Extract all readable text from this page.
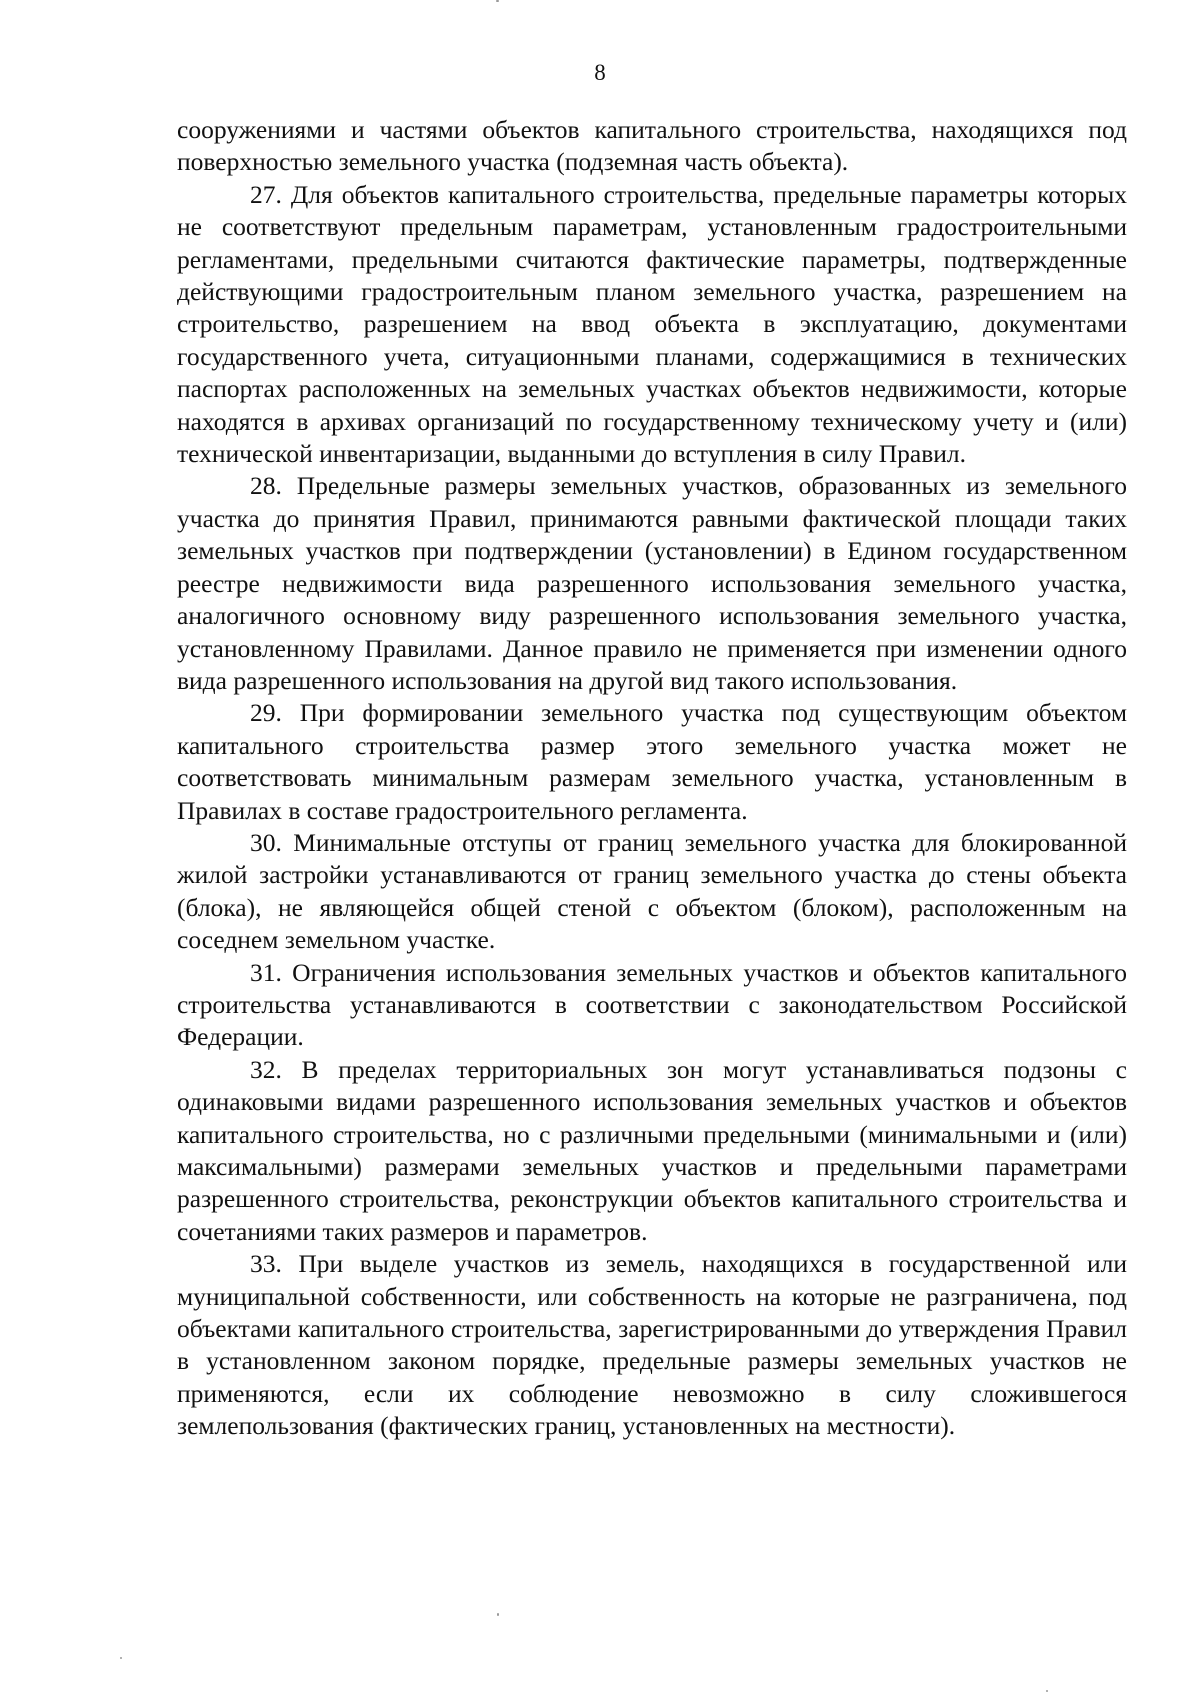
8

сооружениями и частями объектов капитального строительства, находящихся под поверхностью земельного участка (подземная часть объекта).

27. Для объектов капитального строительства, предельные параметры которых не соответствуют предельным параметрам, установленным градостроительными регламентами, предельными считаются фактические параметры, подтвержденные действующими градостроительным планом земельного участка, разрешением на строительство, разрешением на ввод объекта в эксплуатацию, документами государственного учета, ситуационными планами, содержащимися в технических паспортах расположенных на земельных участках объектов недвижимости, которые находятся в архивах организаций по государственному техническому учету и (или) технической инвентаризации, выданными до вступления в силу Правил.

28. Предельные размеры земельных участков, образованных из земельного участка до принятия Правил, принимаются равными фактической площади таких земельных участков при подтверждении (установлении) в Едином государственном реестре недвижимости вида разрешенного использования земельного участка, аналогичного основному виду разрешенного использования земельного участка, установленному Правилами. Данное правило не применяется при изменении одного вида разрешенного использования на другой вид такого использования.

29. При формировании земельного участка под существующим объектом капитального строительства размер этого земельного участка может не соответствовать минимальным размерам земельного участка, установленным в Правилах в составе градостроительного регламента.

30. Минимальные отступы от границ земельного участка для блокированной жилой застройки устанавливаются от границ земельного участка до стены объекта (блока), не являющейся общей стеной с объектом (блоком), расположенным на соседнем земельном участке.

31. Ограничения использования земельных участков и объектов капитального строительства устанавливаются в соответствии с законодательством Российской Федерации.

32. В пределах территориальных зон могут устанавливаться подзоны с одинаковыми видами разрешенного использования земельных участков и объектов капитального строительства, но с различными предельными (минимальными и (или) максимальными) размерами земельных участков и предельными параметрами разрешенного строительства, реконструкции объектов капитального строительства и сочетаниями таких размеров и параметров.

33. При выделе участков из земель, находящихся в государственной или муниципальной собственности, или собственность на которые не разграничена, под объектами капитального строительства, зарегистрированными до утверждения Правил в установленном законом порядке, предельные размеры земельных участков не применяются, если их соблюдение невозможно в силу сложившегося землепользования (фактических границ, установленных на местности).
